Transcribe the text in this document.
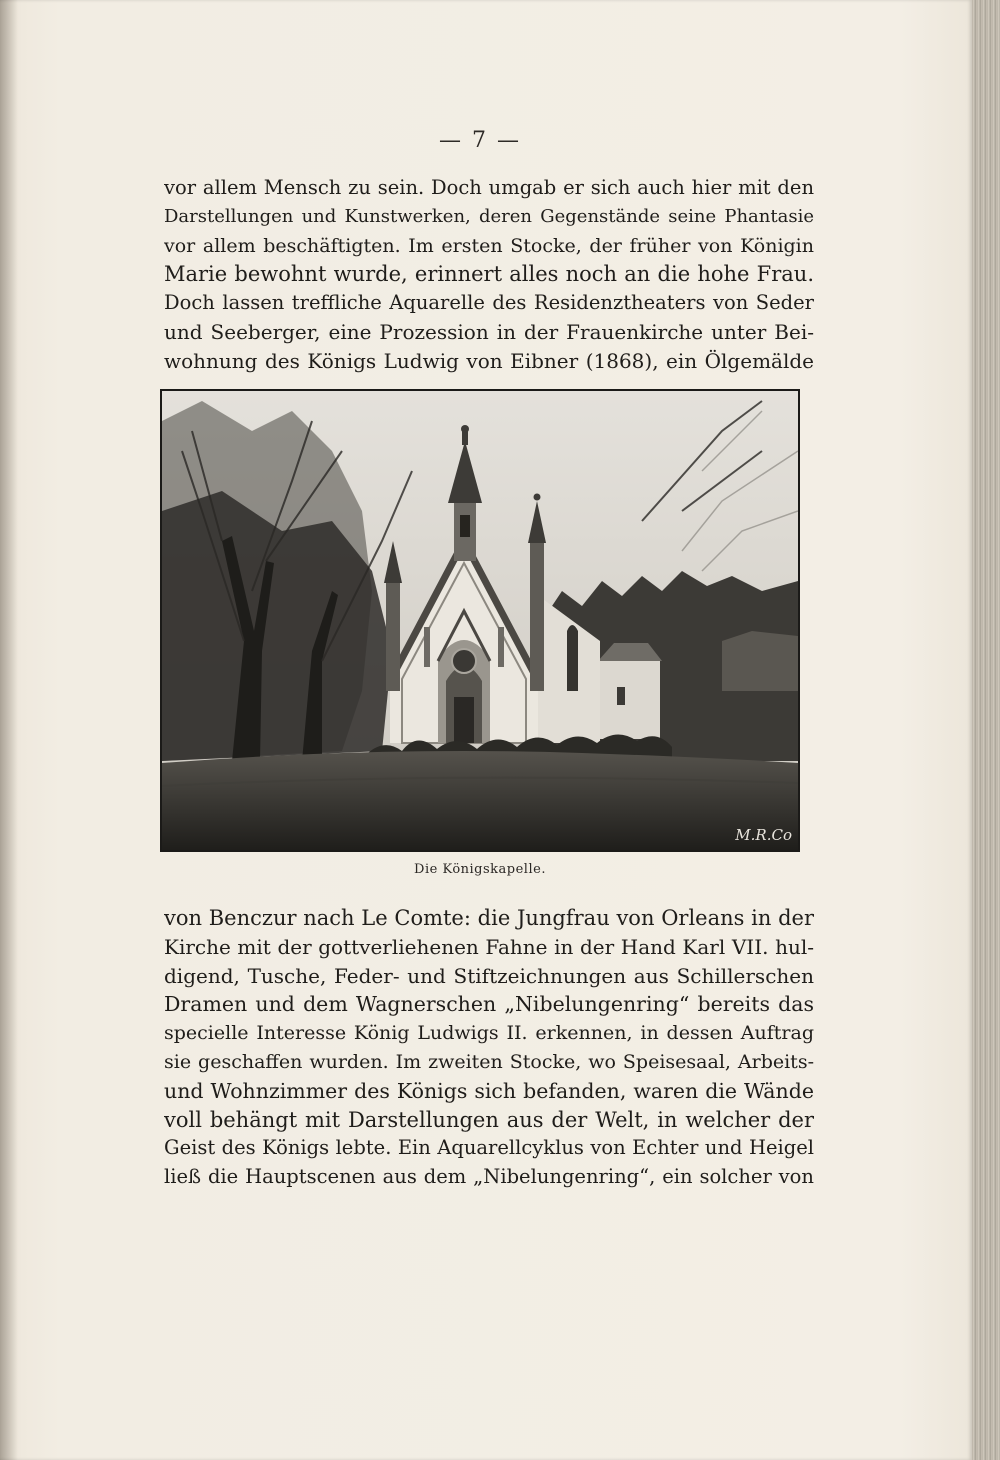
— 7 —
vor allem Mensch zu sein. Doch umgab er sich auch hier mit den
Darstellungen und Kunstwerken, deren Gegenstände seine Phantasie
vor allem beschäftigten. Im ersten Stocke, der früher von Königin
Marie bewohnt wurde, erinnert alles noch an die hohe Frau.
Doch lassen treffliche Aquarelle des Residenztheaters von Seder
und Seeberger, eine Prozession in der Frauenkirche unter Bei-
wohnung des Königs Ludwig von Eibner (1868), ein Ölgemälde
M.R.Co
Die Königskapelle.
von Benczur nach Le Comte: die Jungfrau von Orleans in der
Kirche mit der gottverliehenen Fahne in der Hand Karl VII. hul-
digend, Tusche, Feder- und Stiftzeichnungen aus Schillerschen
Dramen und dem Wagnerschen „Nibelungenring“ bereits das
specielle Interesse König Ludwigs II. erkennen, in dessen Auftrag
sie geschaffen wurden. Im zweiten Stocke, wo Speisesaal, Arbeits-
und Wohnzimmer des Königs sich befanden, waren die Wände
voll behängt mit Darstellungen aus der Welt, in welcher der
Geist des Königs lebte. Ein Aquarellcyklus von Echter und Heigel
ließ die Hauptscenen aus dem „Nibelungenring“, ein solcher von
